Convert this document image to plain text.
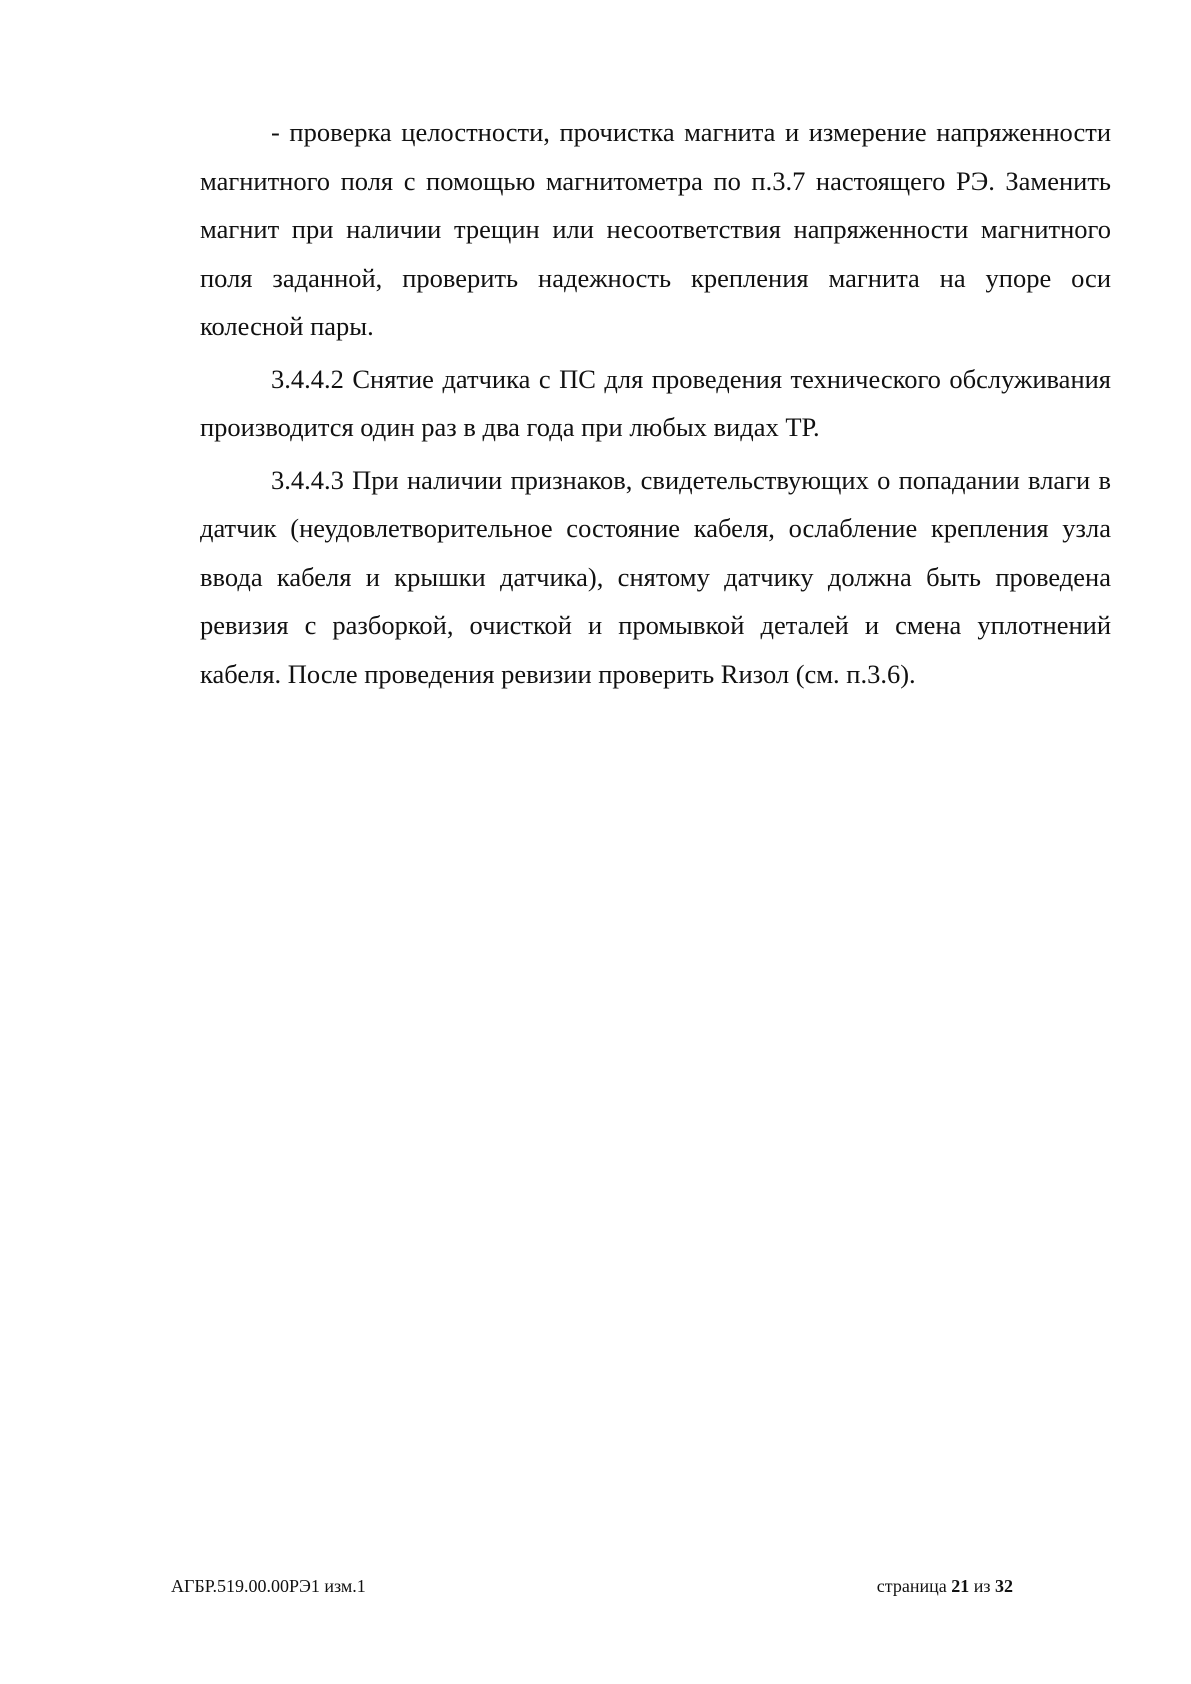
- проверка целостности, прочистка магнита и измерение напряженности магнитного поля с помощью магнитометра по п.3.7 настоящего РЭ. Заменить магнит при наличии трещин или несоответствия напряженности магнитного поля заданной, проверить надежность крепления магнита на упоре оси колесной пары.

3.4.4.2 Снятие датчика с ПС для проведения технического обслуживания производится один раз в два года при любых видах ТР.

3.4.4.3 При наличии признаков, свидетельствующих о попадании влаги в датчик (неудовлетворительное состояние кабеля, ослабление крепления узла ввода кабеля и крышки датчика), снятому датчику должна быть проведена ревизия с разборкой, очисткой и промывкой деталей и смена уплотнений кабеля. После проведения ревизии проверить Rизол (см. п.3.6).

АГБР.519.00.00РЭ1 изм.1	страница 21 из 32
